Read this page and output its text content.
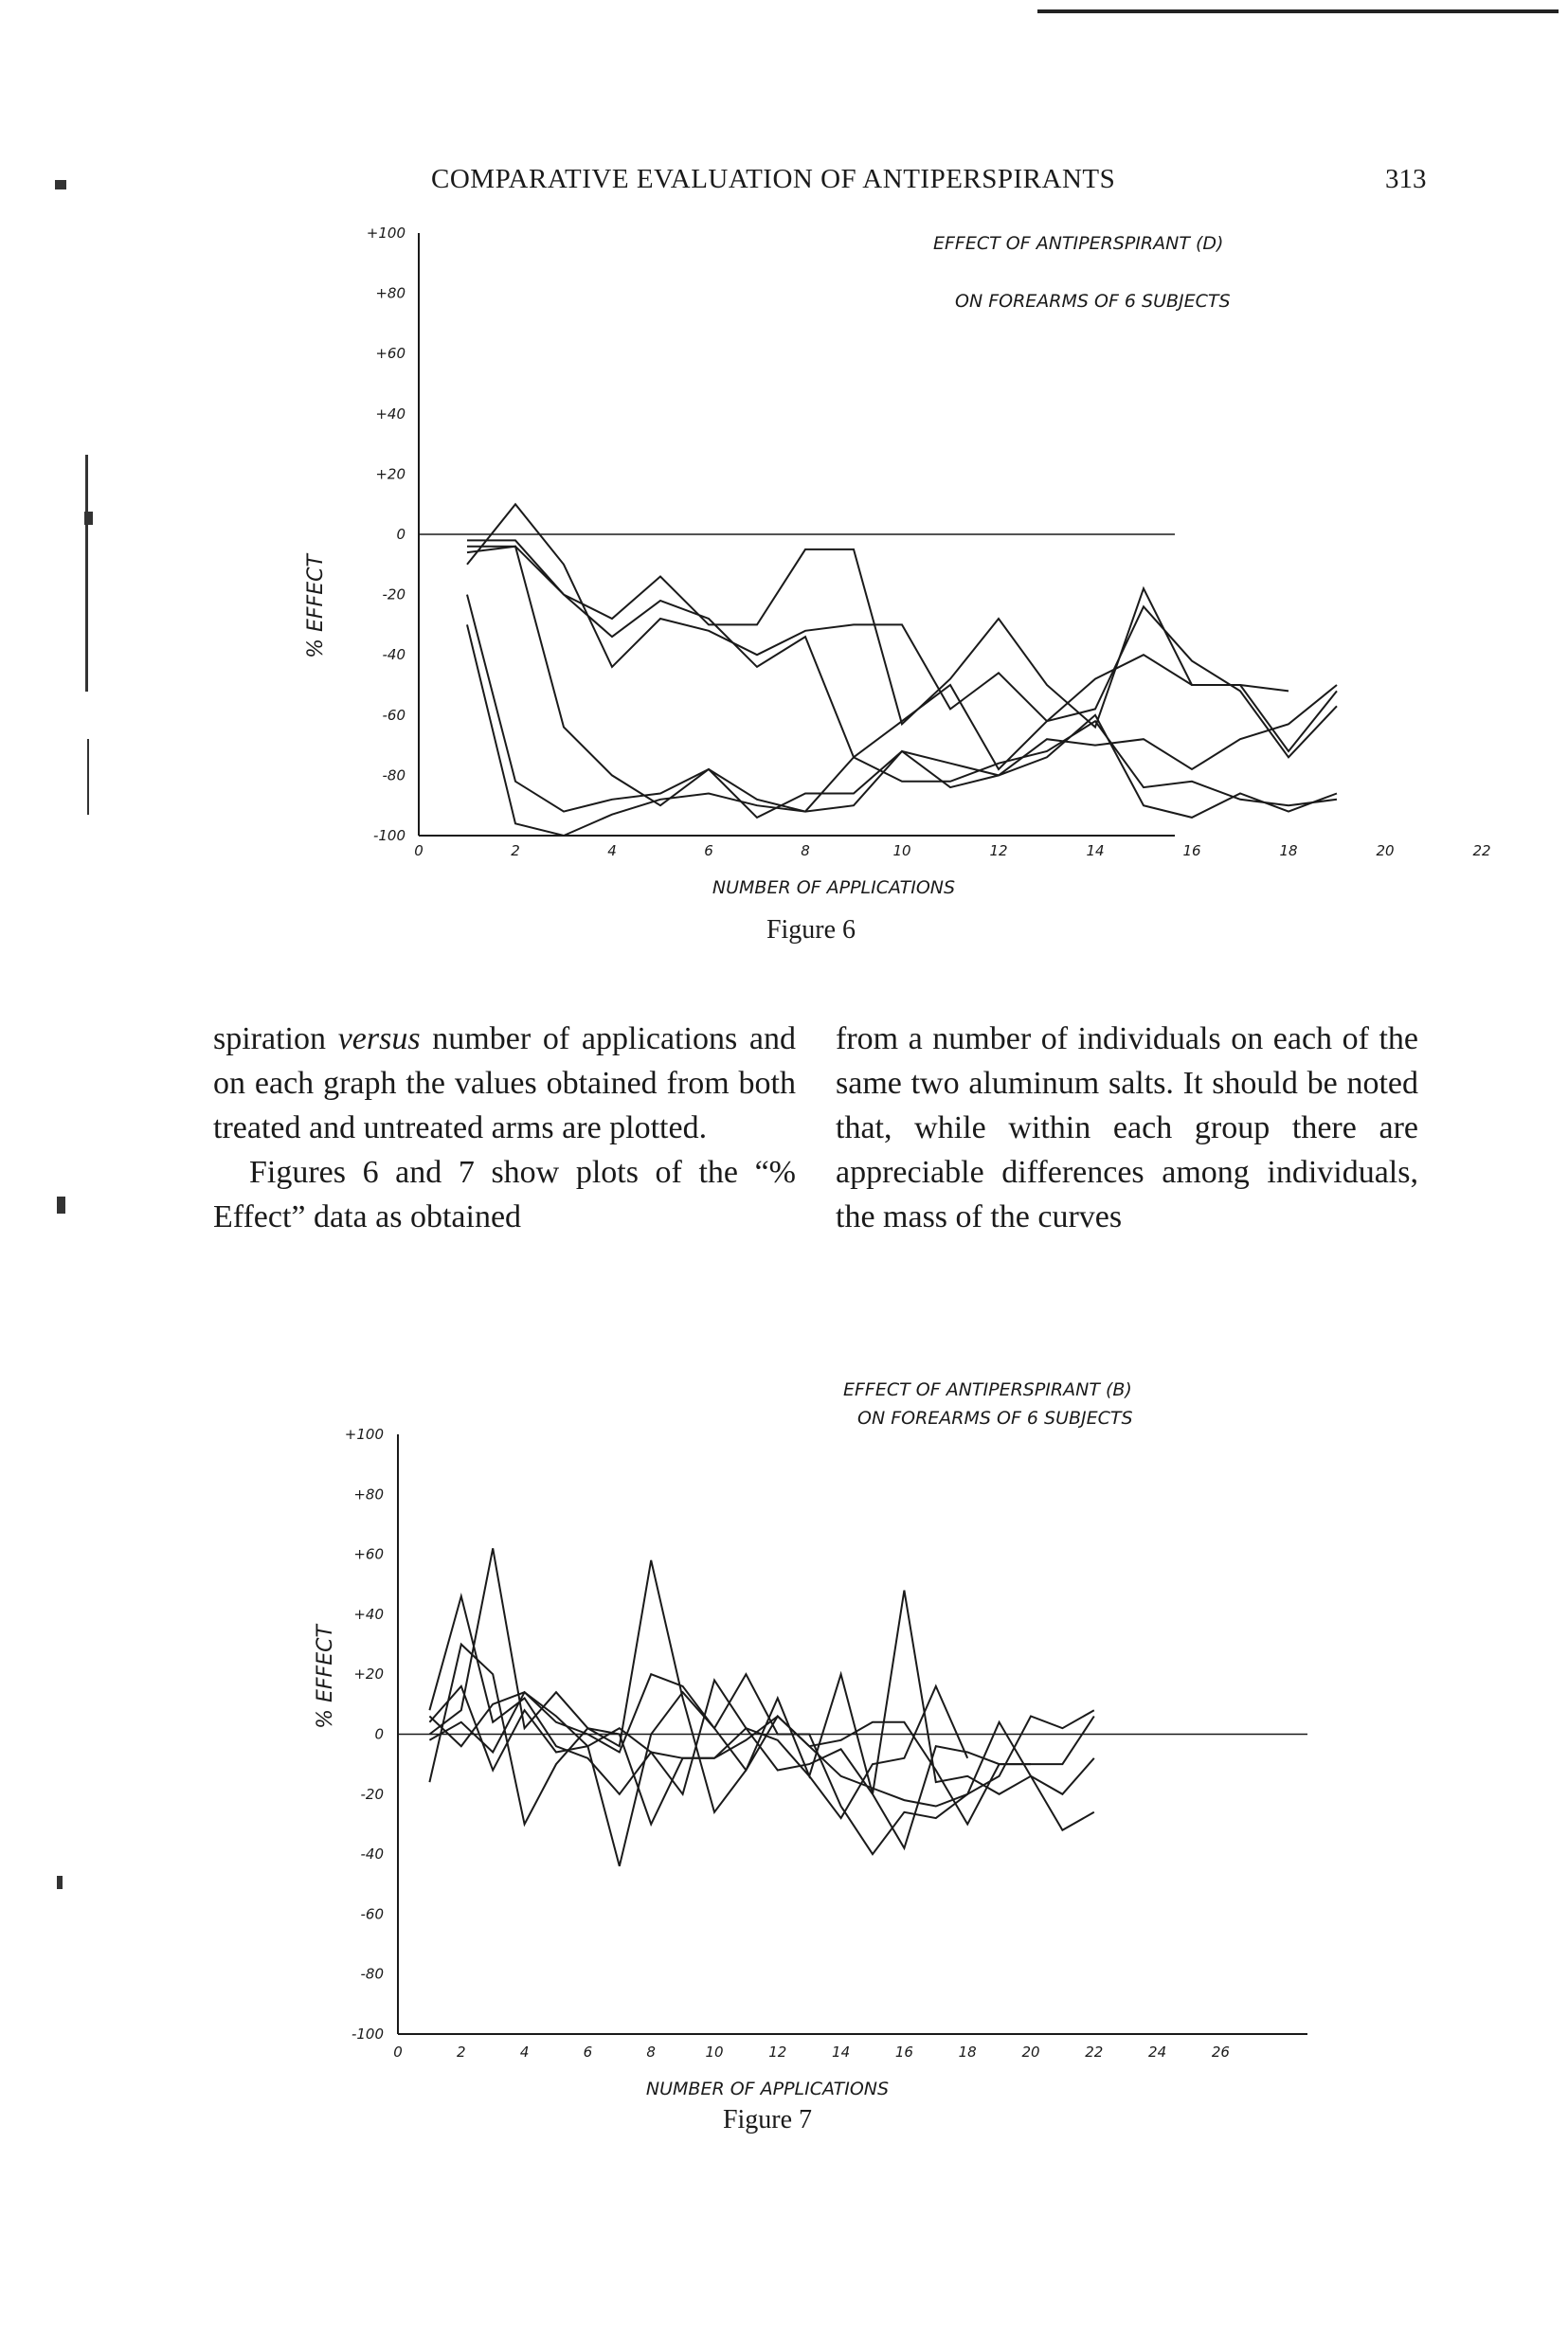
COMPARATIVE EVALUATION OF ANTIPERSPIRANTS	313
+100
+80
+60
+40
+20
0
-20
-40
-60
-80
-100
0	2	4	6	8	10	12	14	16	18	20	22
EFFECT OF ANTIPERSPIRANT (D)
ON FOREARMS OF 6 SUBJECTS
NUMBER OF APPLICATIONS
% EFFECT
Figure 6

spiration versus number of applications and on each graph the values obtained from both treated and untreated arms are plotted.

Figures 6 and 7 show plots of the “% Effect” data as obtained

from a number of individuals on each of the same two aluminum salts. It should be noted that, while within each group there are appreciable differences among individuals, the mass of the curves

+100
+80
+60
+40
+20
0
-20
-40
-60
-80
-100
0	2	4	6	8	10	12	14	16	18	20	22	24	26
EFFECT OF ANTIPERSPIRANT (B)
ON FOREARMS OF 6 SUBJECTS
NUMBER OF APPLICATIONS
% EFFECT
Figure 7
